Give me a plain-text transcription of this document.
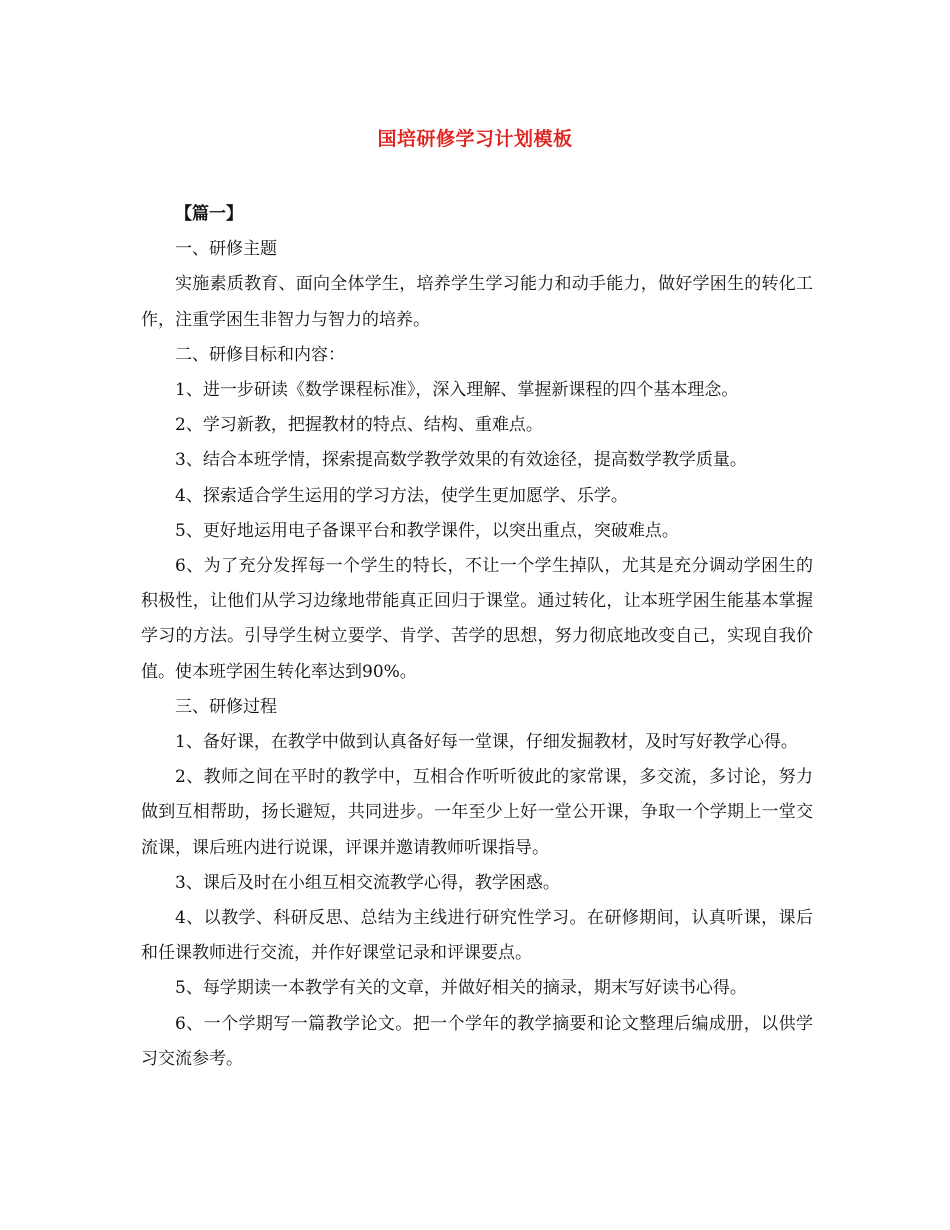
国培研修学习计划模板

【篇一】

一、研修主题

实施素质教育、面向全体学生，培养学生学习能力和动手能力，做好学困生的转化工作，注重学困生非智力与智力的培养。

二、研修目标和内容：

1、进一步研读《数学课程标准》，深入理解、掌握新课程的四个基本理念。

2、学习新教，把握教材的特点、结构、重难点。

3、结合本班学情，探索提高数学教学效果的有效途径，提高数学教学质量。

4、探索适合学生运用的学习方法，使学生更加愿学、乐学。

5、更好地运用电子备课平台和教学课件，以突出重点，突破难点。

6、为了充分发挥每一个学生的特长，不让一个学生掉队，尤其是充分调动学困生的积极性，让他们从学习边缘地带能真正回归于课堂。通过转化，让本班学困生能基本掌握学习的方法。引导学生树立要学、肯学、苦学的思想，努力彻底地改变自己，实现自我价值。使本班学困生转化率达到90%。

三、研修过程

1、备好课，在教学中做到认真备好每一堂课，仔细发掘教材，及时写好教学心得。

2、教师之间在平时的教学中，互相合作听听彼此的家常课，多交流，多讨论，努力做到互相帮助，扬长避短，共同进步。一年至少上好一堂公开课，争取一个学期上一堂交流课，课后班内进行说课，评课并邀请教师听课指导。

3、课后及时在小组互相交流教学心得，教学困惑。

4、以教学、科研反思、总结为主线进行研究性学习。在研修期间，认真听课，课后和任课教师进行交流，并作好课堂记录和评课要点。

5、每学期读一本教学有关的文章，并做好相关的摘录，期末写好读书心得。

6、一个学期写一篇教学论文。把一个学年的教学摘要和论文整理后编成册，以供学习交流参考。
